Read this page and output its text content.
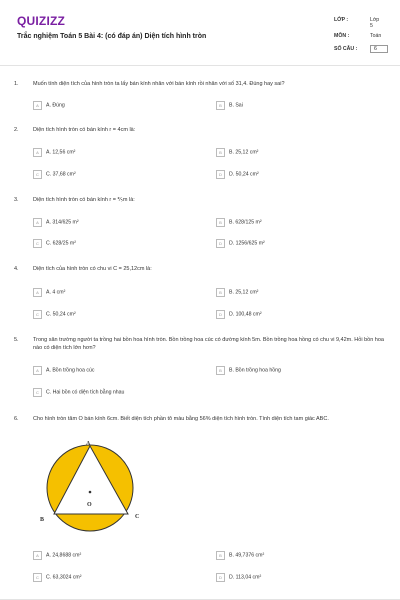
QUIZIZZ
Trắc nghiệm Toán 5 Bài 4: (có đáp án) Diện tích hình tròn
LỚP :	Lớp 5
MÔN :	Toán
SỐ CÂU :	6
1.	Muốn tính diện tích của hình tròn ta lấy bán kính nhân với bán kính rồi nhân với số 31,4. Đúng hay sai?
A A. Đúng	B B. Sai
2.	Diện tích hình tròn có bán kính r = 4cm là:
A A. 12,56 cm²	B B. 25,12 cm²
C C. 37,68 cm²	D D. 50,24 cm²
3.	Diện tích hình tròn có bán kính r = ⅖m là:
A A. 314/625 m²	B B. 628/125 m²
C C. 628/25 m²	D D. 1256/625 m²
4.	Diện tích của hình tròn có chu vi C = 25,12cm là:
A A. 4 cm²	B B. 25,12 cm²
C C. 50,24 cm²	D D. 100,48 cm²
5.	Trong sân trường người ta trồng hai bồn hoa hình tròn. Bồn trồng hoa cúc có đường kính 5m. Bồn trồng hoa hồng có chu vi 9,42m. Hỏi bồn hoa nào có diện tích lớn hơn?
A A. Bồn trồng hoa cúc	B B. Bồn trồng hoa hồng
C C. Hai bồn có diện tích bằng nhau
6.	Cho hình tròn tâm O bán kính 6cm. Biết diện tích phần tô màu bằng 56% diện tích hình tròn. Tính diện tích tam giác ABC.
A
O
B	C
A A. 24,8688 cm²	B B. 49,7376 cm²
C C. 63,3024 cm²	D D. 113,04 cm²
